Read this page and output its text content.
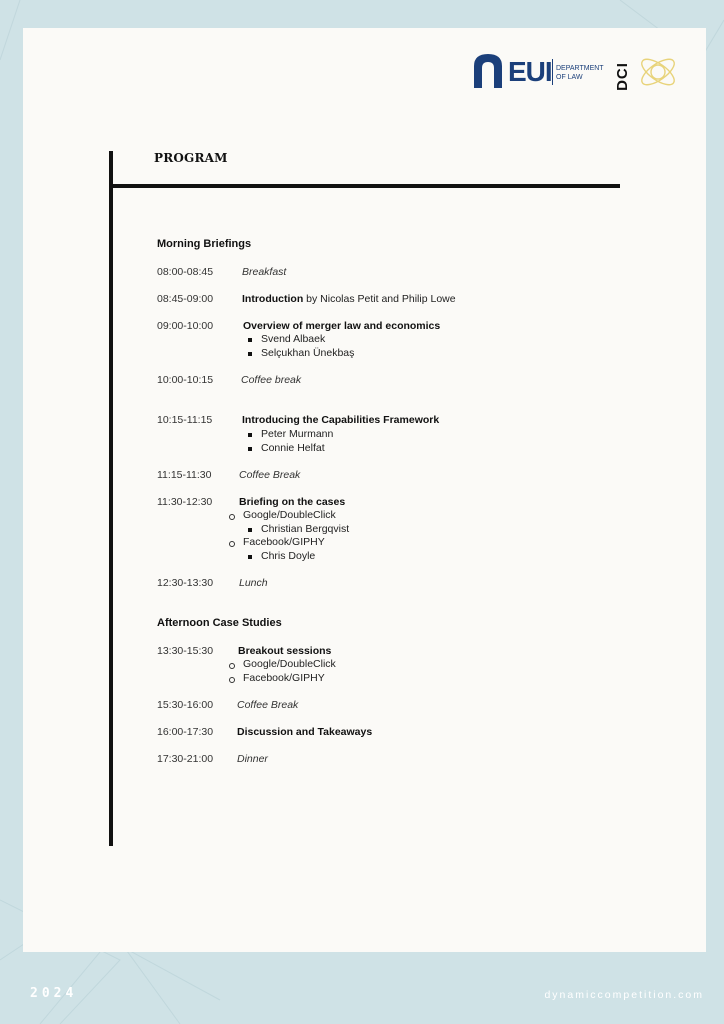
EUI DEPARTMENT
OF LAW	DCI
PROGRAM
Morning Briefings
08:00-08:45	Breakfast
08:45-09:00	Introduction by Nicolas Petit and Philip Lowe
09:00-10:00	Overview of merger law and economics
Svend Albaek
Selçukhan Ünekbaş
10:00-10:15	Coffee break
10:15-11:15	Introducing the Capabilities Framework
Peter Murmann
Connie Helfat
11:15-11:30	Coffee Break
11:30-12:30	Briefing on the cases
Google/DoubleClick
Christian Bergqvist
Facebook/GIPHY
Chris Doyle
12:30-13:30 Lunch
Afternoon Case Studies
13:30-15:30 Breakout sessions
Google/DoubleClick
Facebook/GIPHY
15:30-16:00 Coffee Break
16:00-17:30 Discussion and Takeaways
17:30-21:00 Dinner
2024	dynamiccompetition.com
